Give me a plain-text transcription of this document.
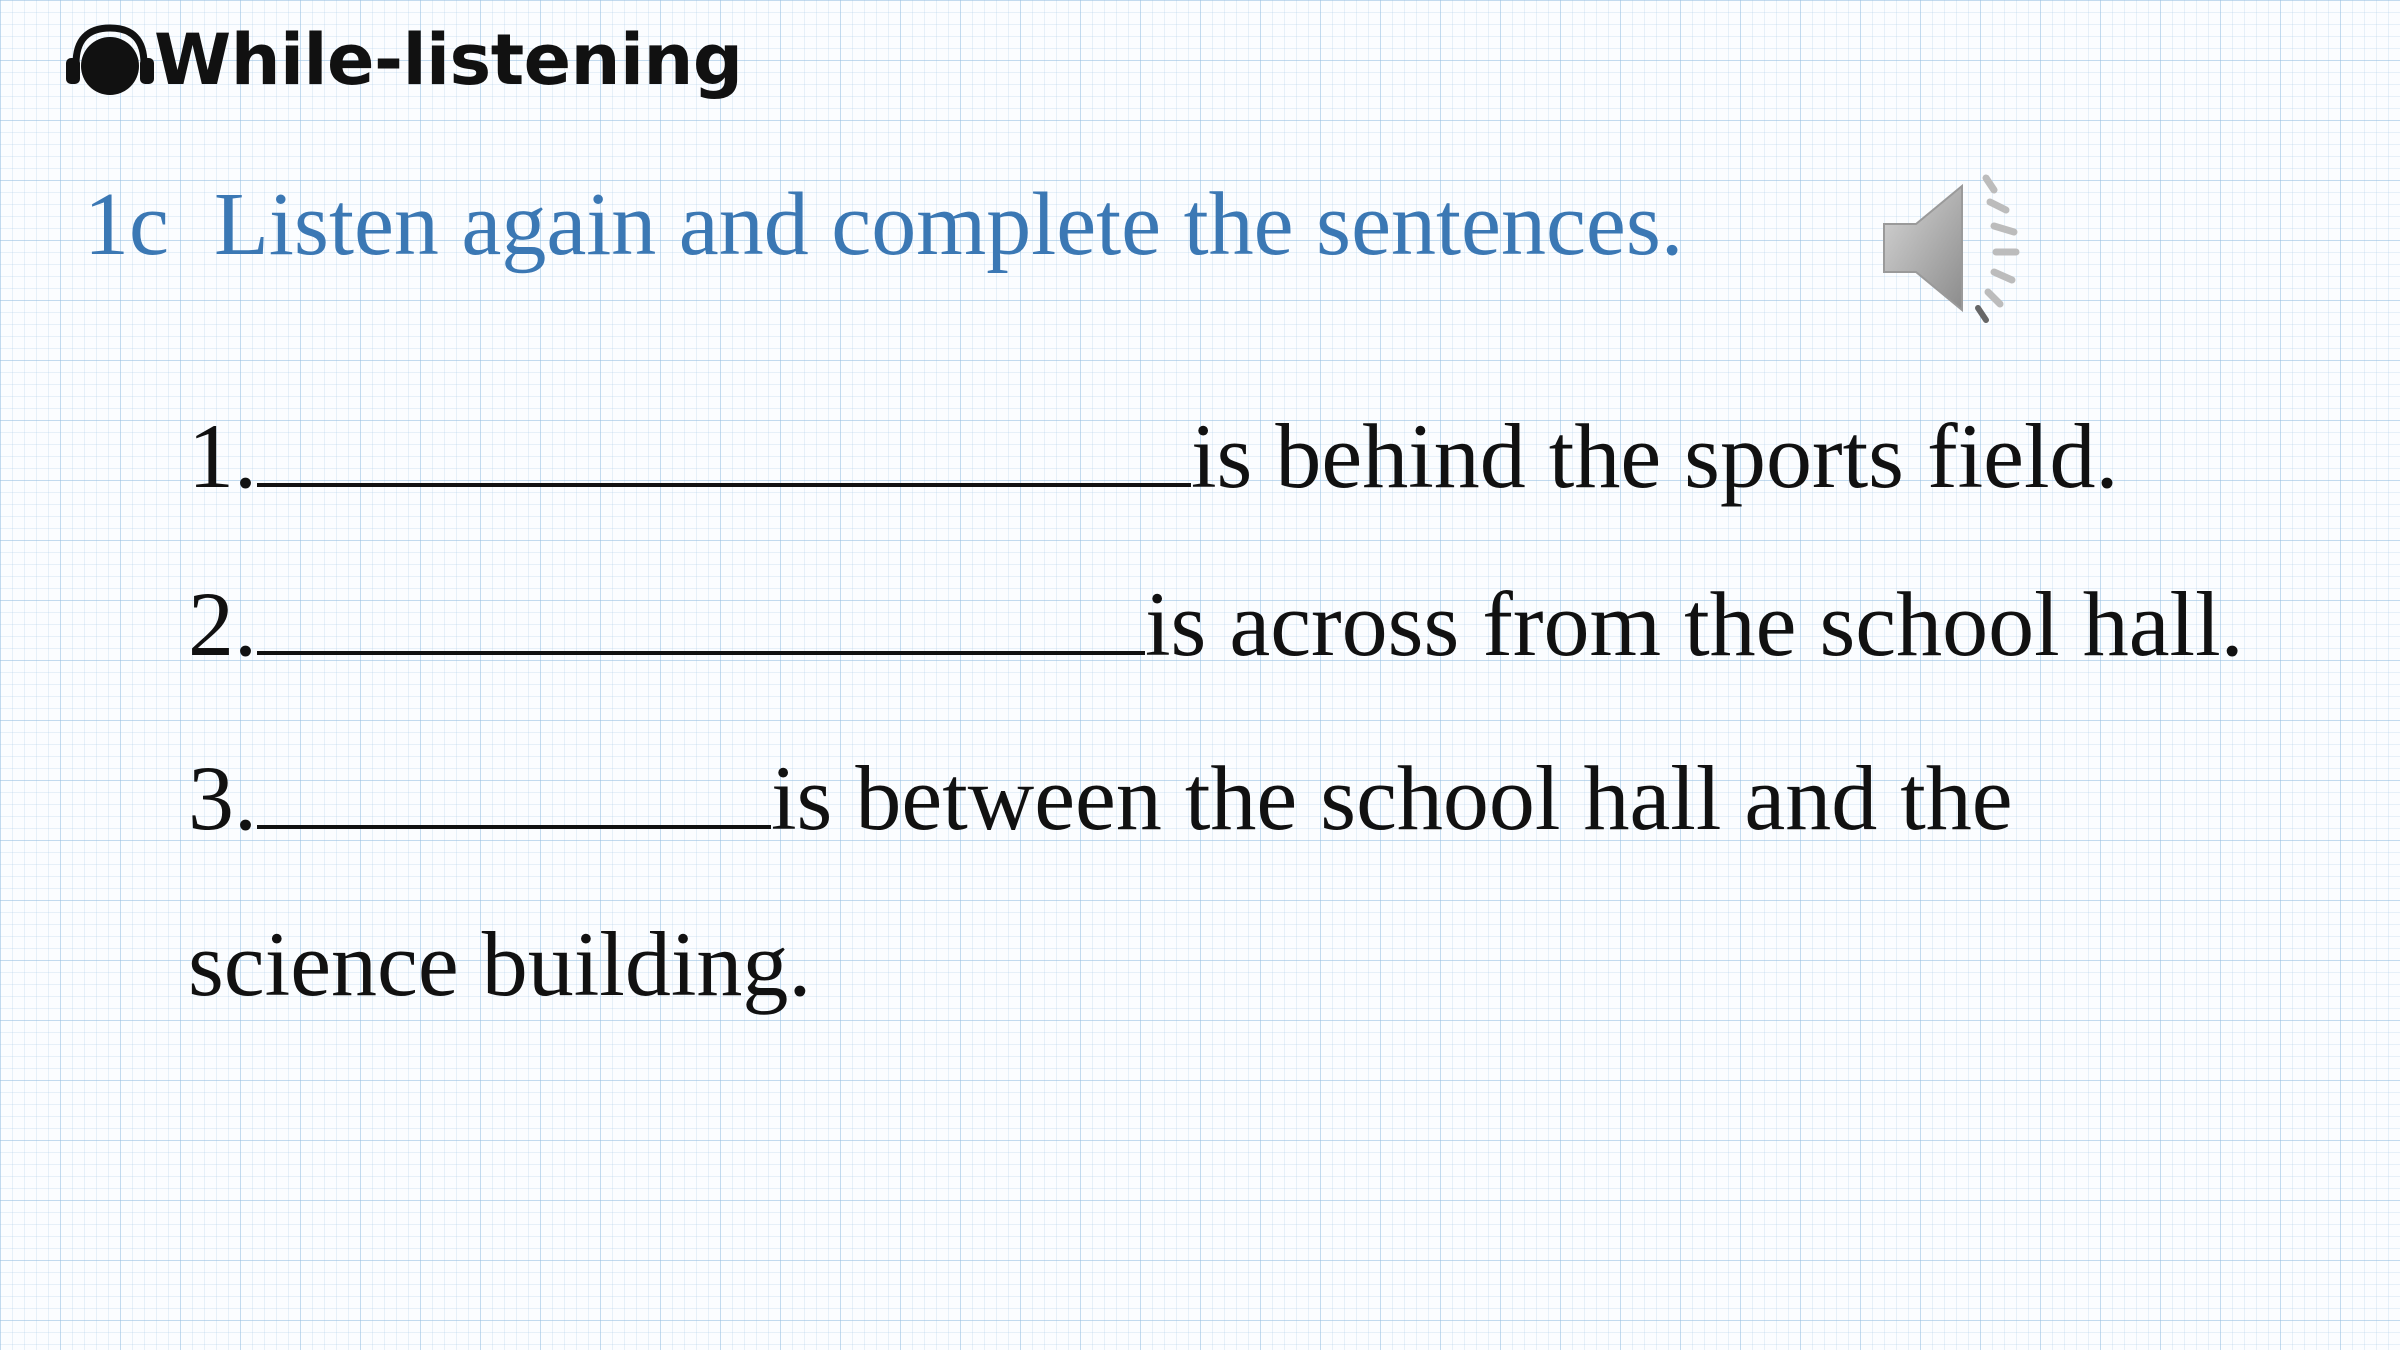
While-listening
1c Listen again and complete the sentences.
1.	is behind the sports field.
2.	is across from the school hall.
3.	is between the school hall and the
science building.
